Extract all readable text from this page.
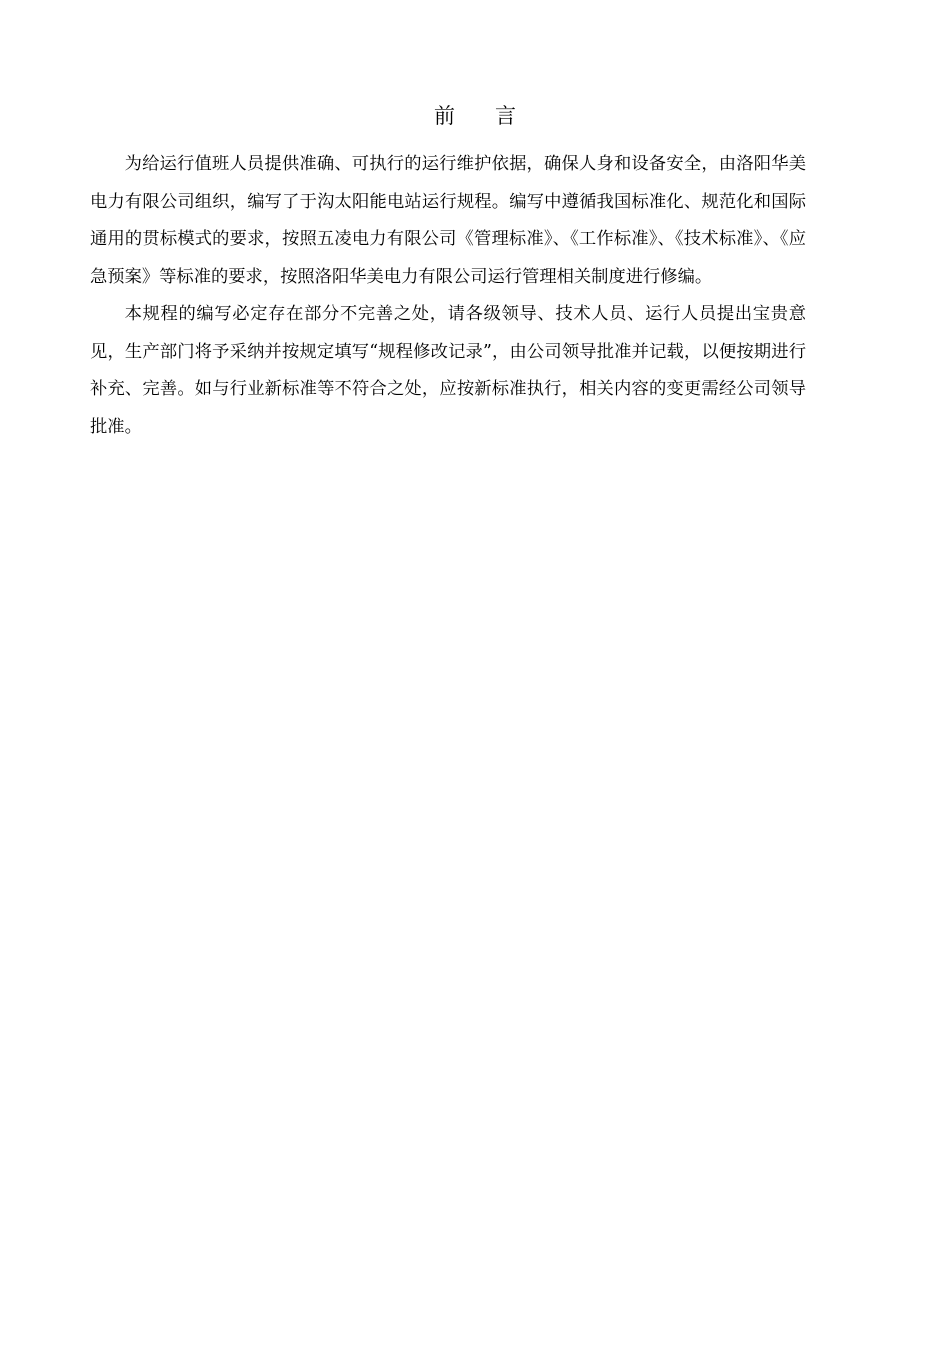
前 言

为给运行值班人员提供准确、可执行的运行维护依据，确保人身和设备安全，由洛阳华美电力有限公司组织，编写了于沟太阳能电站运行规程。编写中遵循我国标准化、规范化和国际通用的贯标模式的要求，按照五凌电力有限公司《管理标准》、《工作标准》、《技术标准》、《应急预案》等标准的要求，按照洛阳华美电力有限公司运行管理相关制度进行修编。

本规程的编写必定存在部分不完善之处，请各级领导、技术人员、运行人员提出宝贵意见，生产部门将予采纳并按规定填写“规程修改记录”，由公司领导批准并记载，以便按期进行补充、完善。如与行业新标准等不符合之处，应按新标准执行，相关内容的变更需经公司领导批准。
